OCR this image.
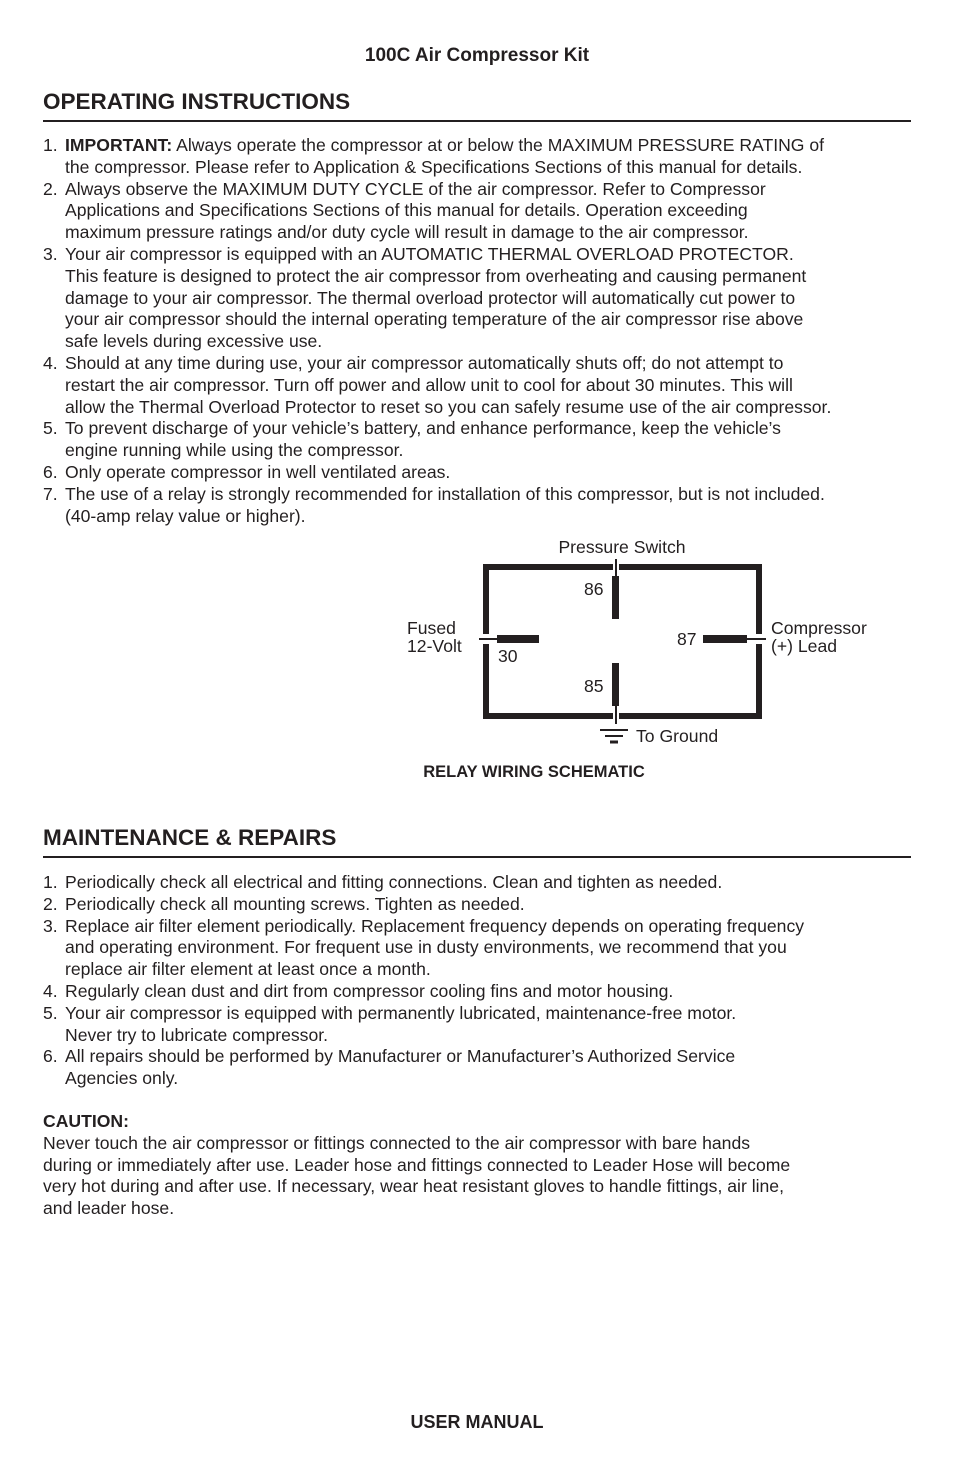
100C Air Compressor Kit
OPERATING INSTRUCTIONS
1. IMPORTANT: Always operate the compressor at or below the MAXIMUM PRESSURE RATING of
the compressor. Please refer to Application & Specifications Sections of this manual for details.
2. Always observe the MAXIMUM DUTY CYCLE of the air compressor. Refer to Compressor
Applications and Specifications Sections of this manual for details. Operation exceeding
maximum pressure ratings and/or duty cycle will result in damage to the air compressor.
3. Your air compressor is equipped with an AUTOMATIC THERMAL OVERLOAD PROTECTOR.
This feature is designed to protect the air compressor from overheating and causing permanent
damage to your air compressor. The thermal overload protector will automatically cut power to
your air compressor should the internal operating temperature of the air compressor rise above
safe levels during excessive use.
4. Should at any time during use, your air compressor automatically shuts off; do not attempt to
restart the air compressor. Turn off power and allow unit to cool for about 30 minutes. This will
allow the Thermal Overload Protector to reset so you can safely resume use of the air compressor.
5. To prevent discharge of your vehicle’s battery, and enhance performance, keep the vehicle’s
engine running while using the compressor.
6. Only operate compressor in well ventilated areas.
7. The use of a relay is strongly recommended for installation of this compressor, but is not included.
(40-amp relay value or higher).
Pressure Switch
86
Fused
12-Volt 30
87
Compressor
(+) Lead
85
To Ground
RELAY WIRING SCHEMATIC
MAINTENANCE & REPAIRS
1. Periodically check all electrical and fitting connections. Clean and tighten as needed.
2. Periodically check all mounting screws. Tighten as needed.
3. Replace air filter element periodically. Replacement frequency depends on operating frequency
and operating environment. For frequent use in dusty environments, we recommend that you
replace air filter element at least once a month.
4. Regularly clean dust and dirt from compressor cooling fins and motor housing.
5. Your air compressor is equipped with permanently lubricated, maintenance-free motor.
Never try to lubricate compressor.
6. All repairs should be performed by Manufacturer or Manufacturer’s Authorized Service
Agencies only.
CAUTION:
Never touch the air compressor or fittings connected to the air compressor with bare hands
during or immediately after use. Leader hose and fittings connected to Leader Hose will become
very hot during and after use. If necessary, wear heat resistant gloves to handle fittings, air line,
and leader hose.
USER MANUAL
